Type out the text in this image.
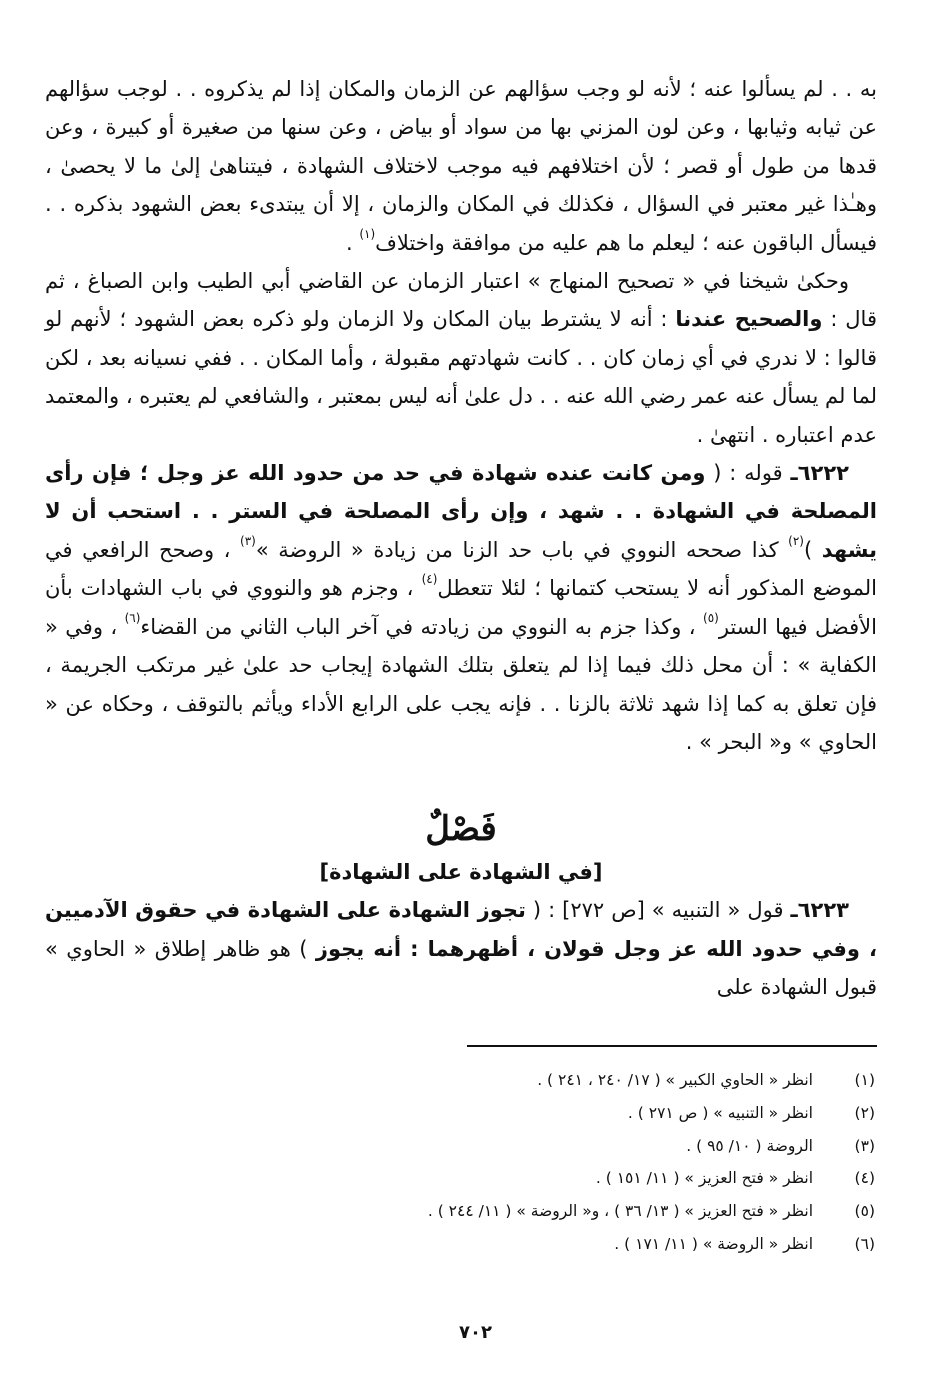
به . . لم يسألوا عنه ؛ لأنه لو وجب سؤالهم عن الزمان والمكان إذا لم يذكروه . . لوجب سؤالهم عن ثيابه وثيابها ، وعن لون المزني بها من سواد أو بياض ، وعن سنها من صغيرة أو كبيرة ، وعن قدها من طول أو قصر ؛ لأن اختلافهم فيه موجب لاختلاف الشهادة ، فيتناهىٰ إلىٰ ما لا يحصىٰ ، وهـٰذا غير معتبر في السؤال ، فكذلك في المكان والزمان ، إلا أن يبتدىء بعض الشهود بذكره . . فيسأل الباقون عنه ؛ ليعلم ما هم عليه من موافقة واختلاف$^{(١)}$ .
وحكىٰ شيخنا في « تصحيح المنهاج » اعتبار الزمان عن القاضي أبي الطيب وابن الصباغ ، ثم قال : والصحيح عندنا : أنه لا يشترط بيان المكان ولا الزمان ولو ذكره بعض الشهود ؛ لأنهم لو قالوا : لا ندري في أي زمان كان . . كانت شهادتهم مقبولة ، وأما المكان . . ففي نسيانه بعد ، لكن لما لم يسأل عنه عمر رضي الله عنه . . دل علىٰ أنه ليس بمعتبر ، والشافعي لم يعتبره ، والمعتمد عدم اعتباره . انتهىٰ .
٦٢٢٢ـ قوله : ( ومن كانت عنده شهادة في حد من حدود الله عز وجل ؛ فإن رأى المصلحة في الشهادة . . شهد ، وإن رأى المصلحة في الستر . . استحب أن لا يشهد )$^{(٢)}$ كذا صححه النووي في باب حد الزنا من زيادة « الروضة »$^{(٣)}$ ، وصحح الرافعي في الموضع المذكور أنه لا يستحب كتمانها ؛ لئلا تتعطل$^{(٤)}$ ، وجزم هو والنووي في باب الشهادات بأن الأفضل فيها الستر$^{(٥)}$ ، وكذا جزم به النووي من زيادته في آخر الباب الثاني من القضاء$^{(٦)}$ ، وفي « الكفاية » : أن محل ذلك فيما إذا لم يتعلق بتلك الشهادة إيجاب حد علىٰ غير مرتكب الجريمة ، فإن تعلق به كما إذا شهد ثلاثة بالزنا . . فإنه يجب على الرابع الأداء ويأثم بالتوقف ، وحكاه عن « الحاوي » و« البحر » .
فَصْلٌ
[في الشهادة على الشهادة]
٦٢٢٣ـ قول « التنبيه » [ص ٢٧٢] : ( تجوز الشهادة على الشهادة في حقوق الآدميين ، وفي حدود الله عز وجل قولان ، أظهرهما : أنه يجوز ) هو ظاهر إطلاق « الحاوي » قبول الشهادة على
(١)
انظر « الحاوي الكبير » ( ١٧/ ٢٤٠ ، ٢٤١ ) .
(٢)
انظر « التنبيه » ( ص ٢٧١ ) .
(٣)
الروضة ( ١٠/ ٩٥ ) .
(٤)
انظر « فتح العزيز » ( ١١/ ١٥١ ) .
(٥)
انظر « فتح العزيز » ( ١٣/ ٣٦ ) ، و« الروضة » ( ١١/ ٢٤٤ ) .
(٦)
انظر « الروضة » ( ١١/ ١٧١ ) .
٧٠٢
